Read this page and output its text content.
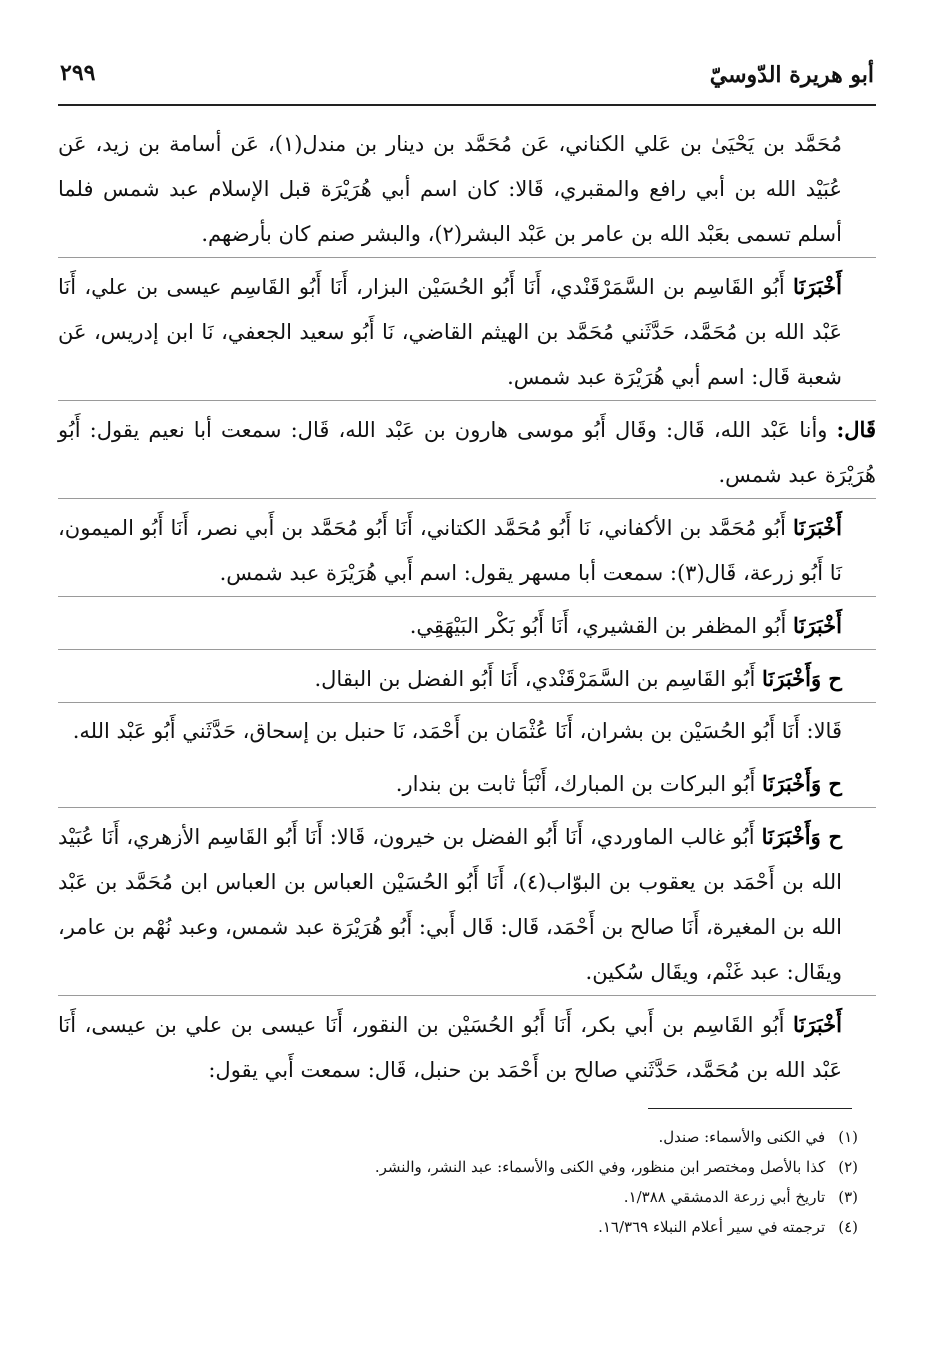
أبو هريرة الدّوسيّ
٢٩٩

مُحَمَّد بن يَحْيَىٰ بن عَلي الكناني، عَن مُحَمَّد بن دينار بن مندل(١)، عَن أسامة بن زيد، عَن عُبَيْد الله بن أبي رافع والمقبري، قَالا: كان اسم أبي هُرَيْرَة قبل الإسلام عبد شمس فلما أسلم تسمى بعَبْد الله بن عامر بن عَبْد البشر(٢)، والبشر صنم كان بأرضهم.

أَخْبَرَنَا أَبُو القَاسِم بن السَّمَرْقَنْدي، أَنَا أَبُو الحُسَيْن البزار، أَنَا أَبُو القَاسِم عيسى بن علي، أَنَا عَبْد الله بن مُحَمَّد، حَدَّثَني مُحَمَّد بن الهيثم القاضي، نَا أَبُو سعيد الجعفي، نَا ابن إدريس، عَن شعبة قَال: اسم أبي هُرَيْرَة عبد شمس.

قَال: وأنا عَبْد الله، قَال: وقَال أَبُو موسى هارون بن عَبْد الله، قَال: سمعت أبا نعيم يقول: أَبُو هُرَيْرَة عبد شمس.

أَخْبَرَنَا أَبُو مُحَمَّد بن الأكفاني، نَا أَبُو مُحَمَّد الكتاني، أَنَا أَبُو مُحَمَّد بن أَبي نصر، أَنَا أَبُو الميمون، نَا أَبُو زرعة، قَال(٣): سمعت أبا مسهر يقول: اسم أَبي هُرَيْرَة عبد شمس.

أَخْبَرَنَا أَبُو المظفر بن القشيري، أَنَا أَبُو بَكْر البَيْهَقِي.

ح وَأَخْبَرَنَا أَبُو القَاسِم بن السَّمَرْقَنْدي، أَنَا أَبُو الفضل بن البقال.

قَالا: أَنَا أَبُو الحُسَيْن بن بشران، أَنَا عُثْمَان بن أَحْمَد، نَا حنبل بن إسحاق، حَدَّثَني أَبُو عَبْد الله.

ح وَأَخْبَرَنَا أَبُو البركات بن المبارك، أَنْبَأ ثابت بن بندار.

ح وَأَخْبَرَنَا أَبُو غالب الماوردي، أَنَا أَبُو الفضل بن خيرون، قَالا: أَنَا أَبُو القَاسِم الأزهري، أَنَا عُبَيْد الله بن أَحْمَد بن يعقوب بن البوّاب(٤)، أَنَا أَبُو الحُسَيْن العباس بن العباس ابن مُحَمَّد بن عَبْد الله بن المغيرة، أَنَا صالح بن أَحْمَد، قَال: قَال أَبي: أَبُو هُرَيْرَة عبد شمس، وعبد نُهْم بن عامر، ويقَال: عبد غَنْم، ويقَال سُكين.

أَخْبَرَنَا أَبُو القَاسِم بن أَبي بكر، أَنَا أَبُو الحُسَيْن بن النقور، أَنَا عيسى بن علي بن عيسى، أَنَا عَبْد الله بن مُحَمَّد، حَدَّثَني صالح بن أَحْمَد بن حنبل، قَال: سمعت أَبي يقول:

(١) في الكنى والأسماء: صندل.

(٢) كذا بالأصل ومختصر ابن منظور، وفي الكنى والأسماء: عبد النشر، والنشر.

(٣) تاريخ أبي زرعة الدمشقي ١/٣٨٨.

(٤) ترجمته في سير أعلام النبلاء ١٦/٣٦٩.
